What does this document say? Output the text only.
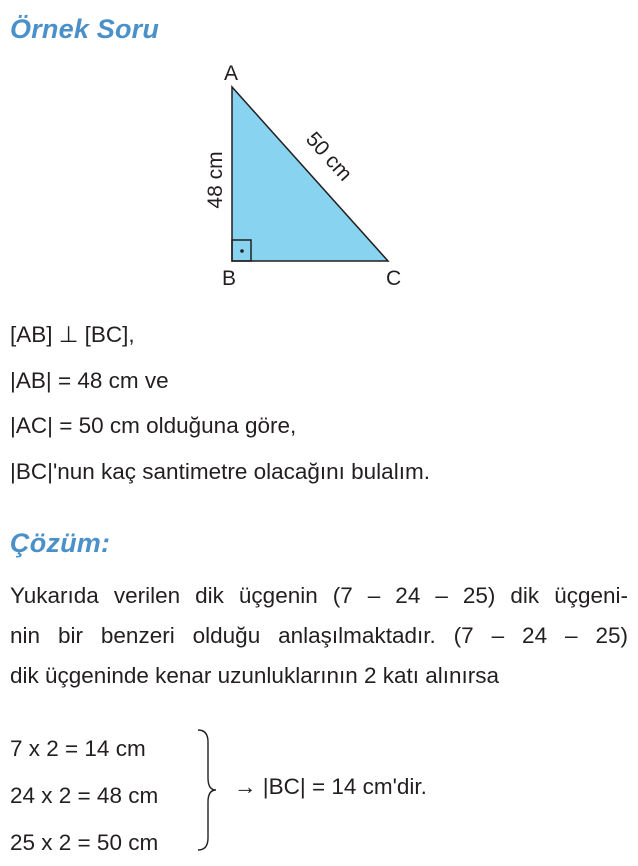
Örnek Soru
A
B	C
48 cm	50 cm
[AB] ⊥ [BC],
|AB| = 48 cm ve
|AC| = 50 cm olduğuna göre,
|BC|'nun kaç santimetre olacağını bulalım.
Çözüm:
Yukarıda verilen dik üçgenin (7 – 24 – 25) dik üçgeni-
nin bir benzeri olduğu anlaşılmaktadır. (7 – 24 – 25)
dik üçgeninde kenar uzunluklarının 2 katı alınırsa
7 x 2 = 14 cm
24 x 2 = 48 cm
25 x 2 = 50 cm
→ |BC| = 14 cm'dir.
